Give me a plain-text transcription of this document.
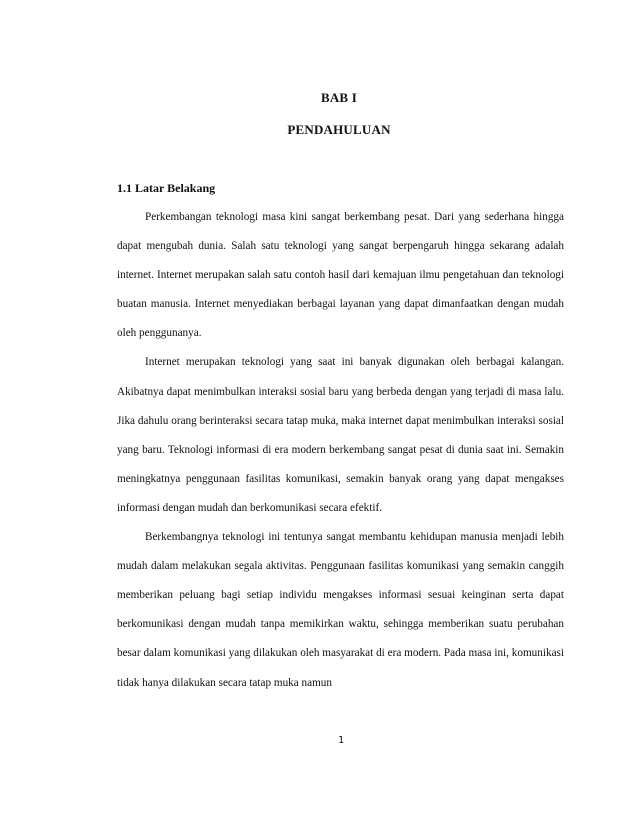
BAB I
PENDAHULUAN
1.1 Latar Belakang

Perkembangan teknologi masa kini sangat berkembang pesat. Dari yang sederhana hingga dapat mengubah dunia. Salah satu teknologi yang sangat berpengaruh hingga sekarang adalah internet. Internet merupakan salah satu contoh hasil dari kemajuan ilmu pengetahuan dan teknologi buatan manusia. Internet menyediakan berbagai layanan yang dapat dimanfaatkan dengan mudah oleh penggunanya.

Internet merupakan teknologi yang saat ini banyak digunakan oleh berbagai kalangan. Akibatnya dapat menimbulkan interaksi sosial baru yang berbeda dengan yang terjadi di masa lalu. Jika dahulu orang berinteraksi secara tatap muka, maka internet dapat menimbulkan interaksi sosial yang baru. Teknologi informasi di era modern berkembang sangat pesat di dunia saat ini. Semakin meningkatnya penggunaan fasilitas komunikasi, semakin banyak orang yang dapat mengakses informasi dengan mudah dan berkomunikasi secara efektif.

Berkembangnya teknologi ini tentunya sangat membantu kehidupan manusia menjadi lebih mudah dalam melakukan segala aktivitas. Penggunaan fasilitas komunikasi yang semakin canggih memberikan peluang bagi setiap individu mengakses informasi sesuai keinginan serta dapat berkomunikasi dengan mudah tanpa memikirkan waktu, sehingga memberikan suatu perubahan besar dalam komunikasi yang dilakukan oleh masyarakat di era modern. Pada masa ini, komunikasi tidak hanya dilakukan secara tatap muka namun

1
